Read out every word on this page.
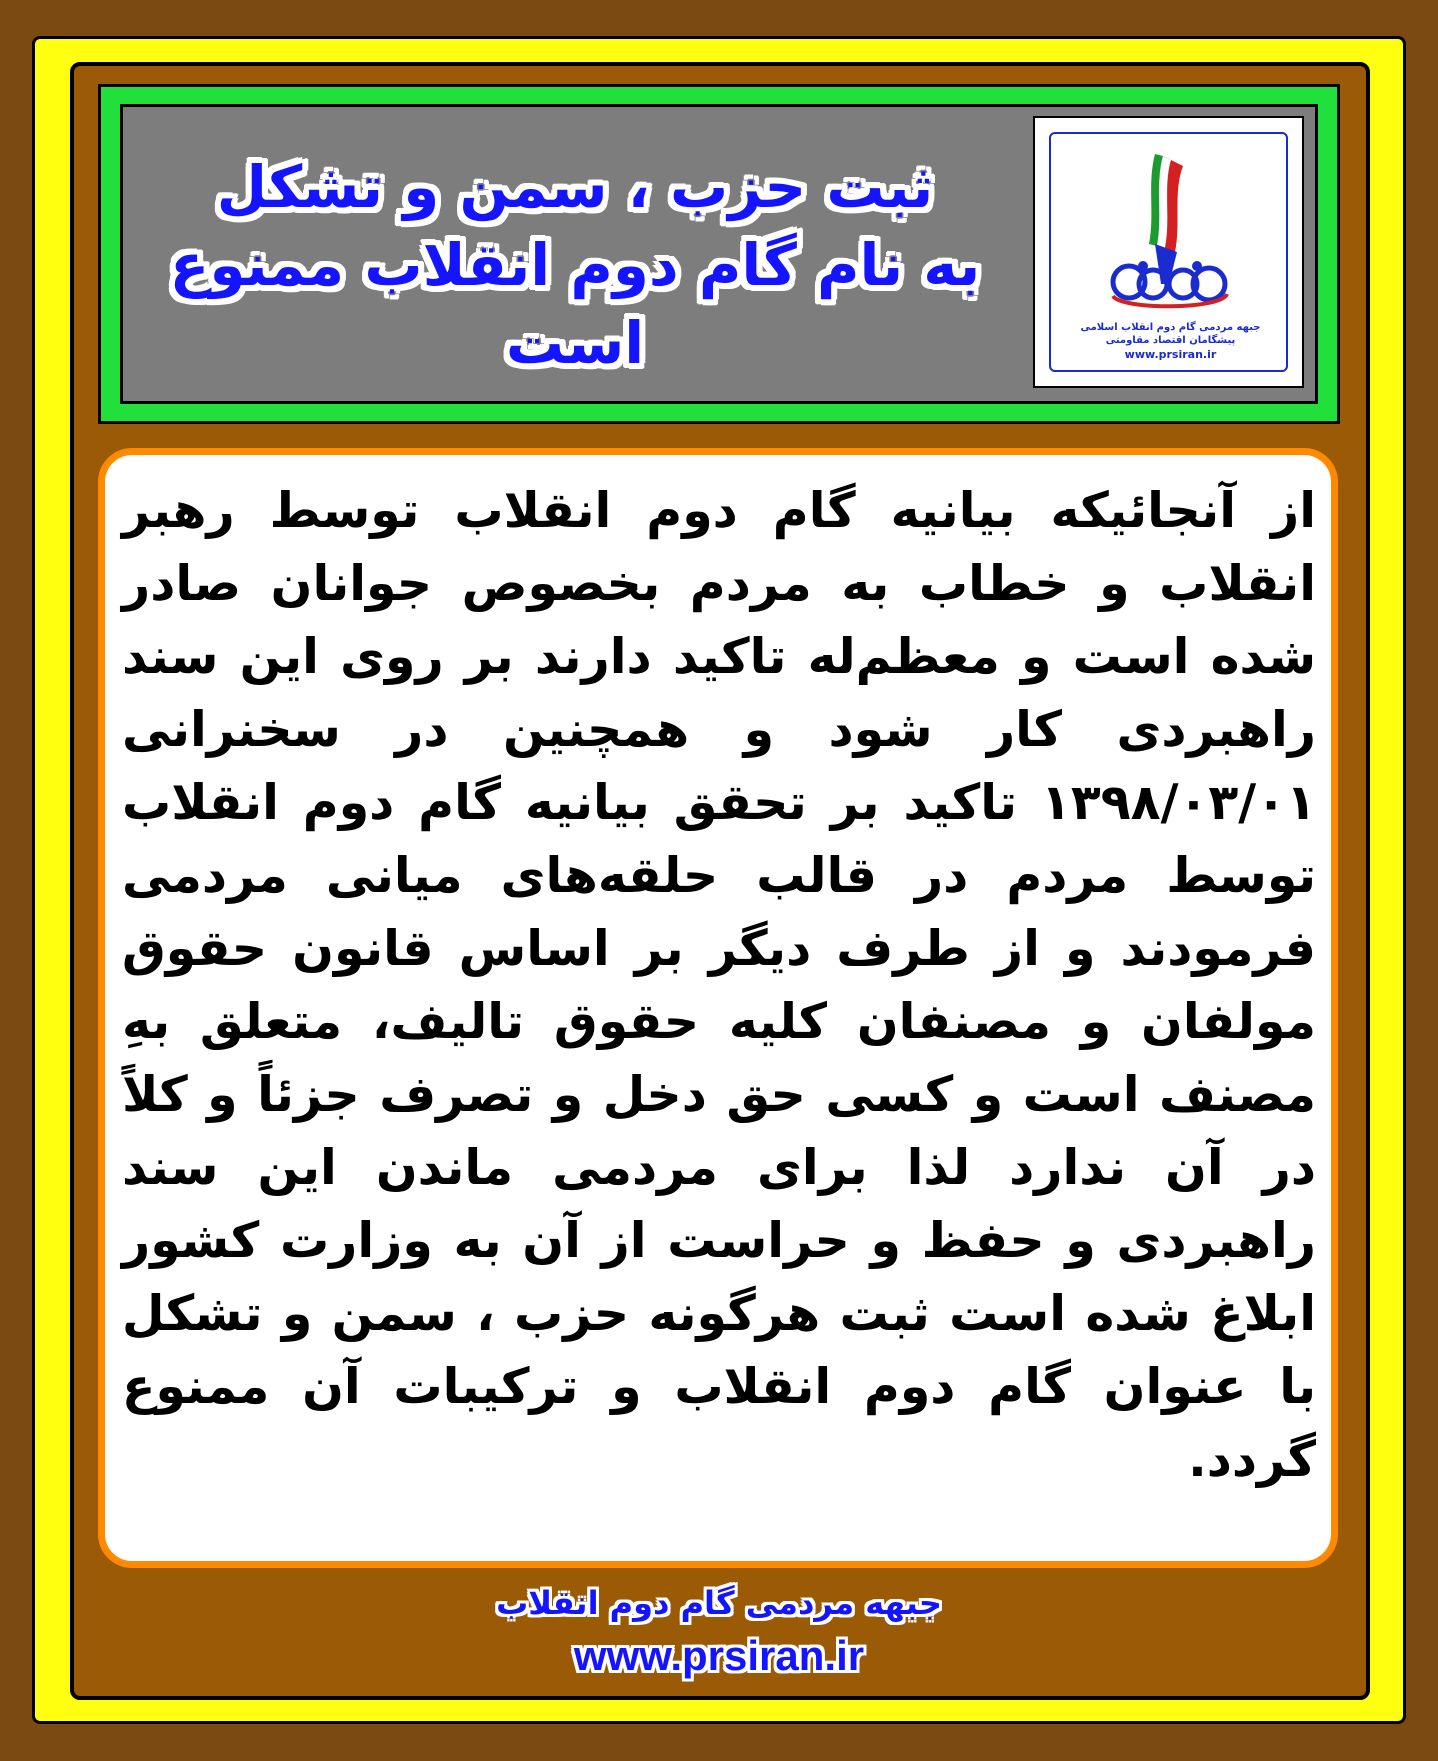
ثبت حزب ، سمن و تشکل
به نام گام دوم انقلاب ممنوع است	جبهه مردمی گام دوم انقلاب اسلامی
پیشگامان اقتصاد مقاومتی
www.prsiran.ir
از آنجائیکه بیانیه گام دوم انقلاب توسط رهبر انقلاب و خطاب به مردم بخصوص جوانان صادر شده است و معظم‌له تاکید دارند بر روی این سند راهبردی کار شود و همچنین در سخنرانی ۱۳۹۸/۰۳/۰۱ تاکید بر تحقق بیانیه گام دوم انقلاب توسط مردم در قالب حلقه‌های میانی مردمی فرمودند و از طرف دیگر بر اساس قانون حقوق مولفان و مصنفان کلیه حقوق تالیف، متعلق بهِ مصنف است و کسی حق دخل و تصرف جزئاً و کلاً در آن ندارد لذا برای مردمی ماندن این سند راهبردی و حفظ و حراست از آن به وزارت کشور ابلاغ شده است ثبت هرگونه حزب ، سمن و تشکل با عنوان گام دوم انقلاب و ترکیبات آن ممنوع گردد.
جبهه مردمی گام دوم انقلاب
www.prsiran.ir
